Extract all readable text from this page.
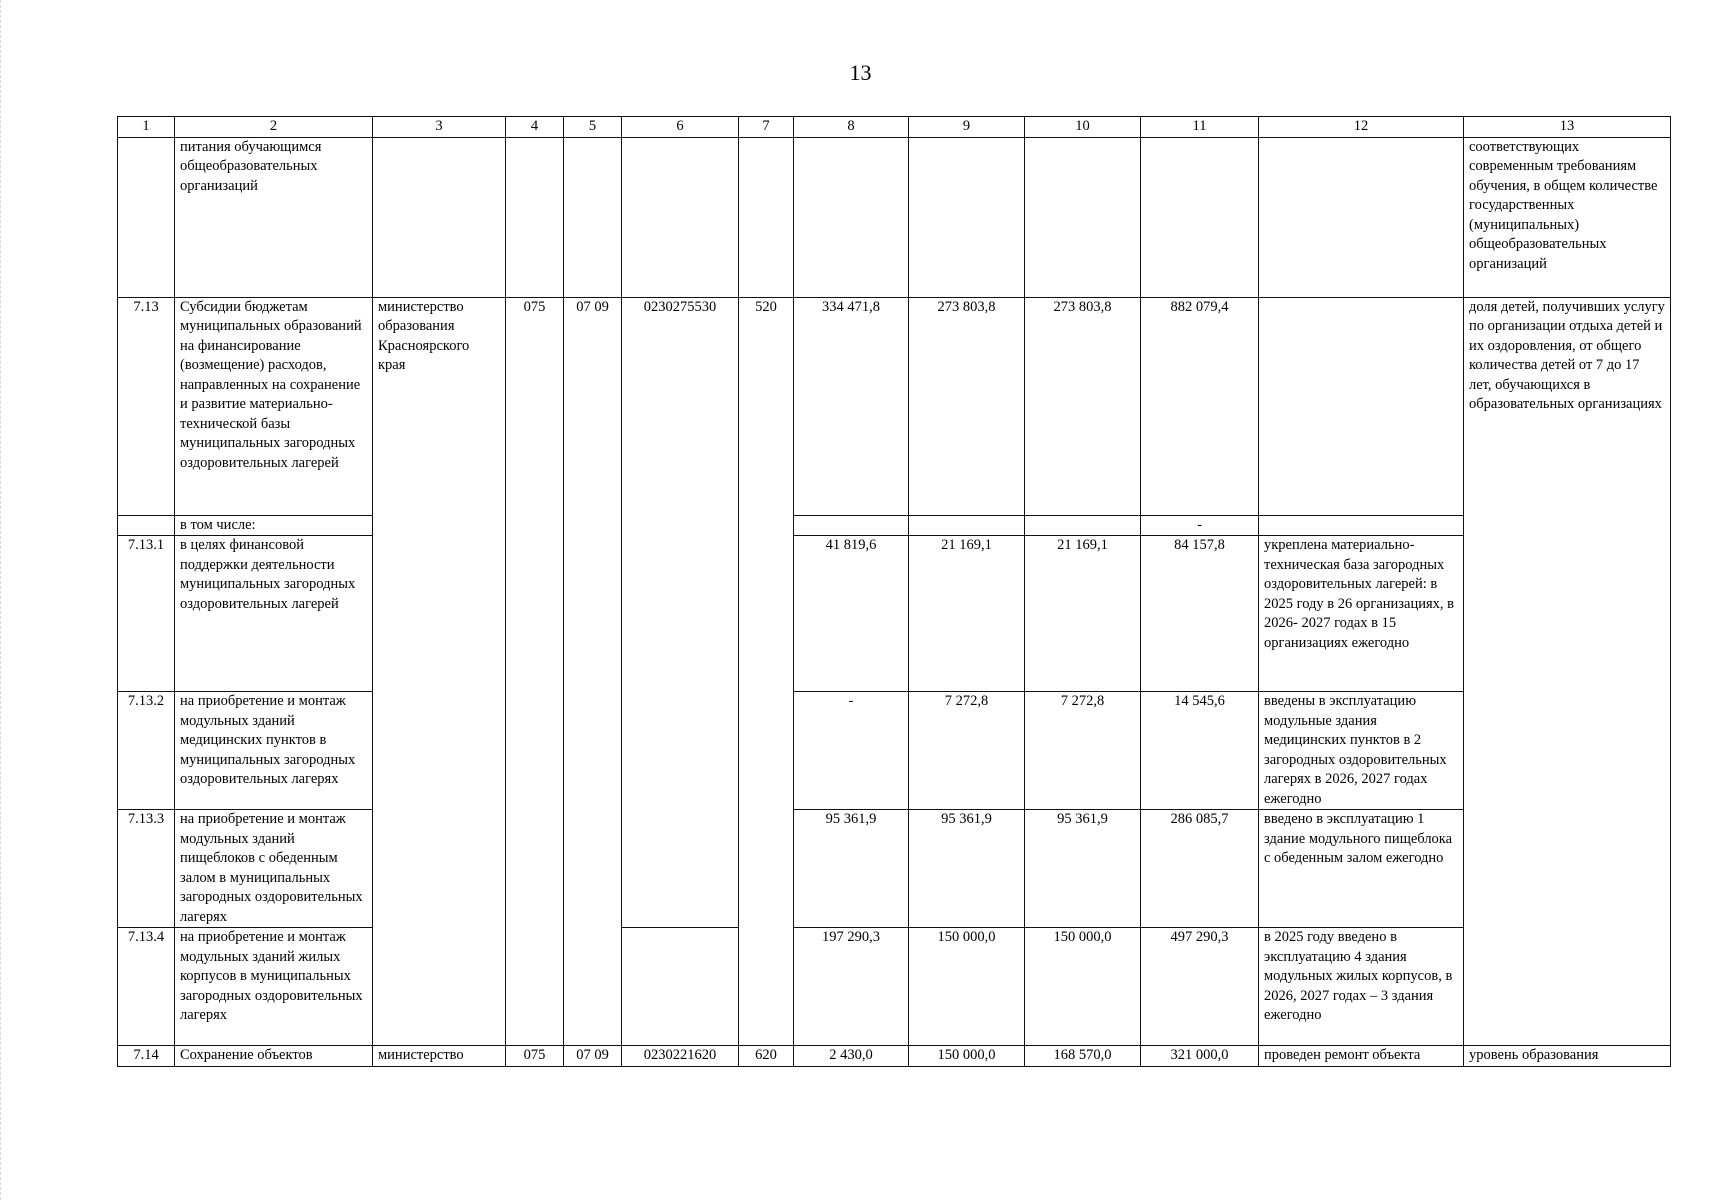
13
1	2	3	4	5	6	7	8	9	10	11	12	13
	питания обучающимся общеобразовательных организаций											соответствующих современным требованиям обучения, в общем количестве государственных (муниципальных) общеобразовательных организаций
7.13	Субсидии бюджетам муниципальных образований на финансирование (возмещение) расходов, направленных на сохранение и развитие материально-технической базы муниципальных загородных оздоровительных лагерей	министерство образования Красноярского края	075	07 09	0230275530	520	334 471,8	273 803,8	273 803,8	882 079,4		доля детей, получивших услугу по организации отдыха детей и их оздоровления, от общего количества детей от 7 до 17 лет, обучающихся в образовательных организациях
	в том числе:									-		
7.13.1	в целях финансовой поддержки деятельности муниципальных загородных оздоровительных лагерей						41 819,6	21 169,1	21 169,1	84 157,8	укреплена материально-техническая база загородных оздоровительных лагерей: в 2025 году в 26 организациях, в 2026- 2027 годах в 15 организациях ежегодно	
7.13.2	на приобретение и монтаж модульных зданий медицинских пунктов в муниципальных загородных оздоровительных лагерях						-	7 272,8	7 272,8	14 545,6	введены в эксплуатацию модульные здания медицинских пунктов в 2 загородных оздоровительных лагерях в 2026, 2027 годах ежегодно	
7.13.3	на приобретение и монтаж модульных зданий пищеблоков с обеденным залом в муниципальных загородных оздоровительных лагерях						95 361,9	95 361,9	95 361,9	286 085,7	введено в эксплуатацию 1 здание модульного пищеблока с обеденным залом ежегодно	
7.13.4	на приобретение и монтаж модульных зданий жилых корпусов в муниципальных загородных оздоровительных лагерях						197 290,3	150 000,0	150 000,0	497 290,3	в 2025 году введено в эксплуатацию 4 здания модульных жилых корпусов, в 2026, 2027 годах – 3 здания ежегодно	
7.14	Сохранение объектов	министерство	075	07 09	0230221620	620	2 430,0	150 000,0	168 570,0	321 000,0	проведен ремонт объекта	уровень образования
